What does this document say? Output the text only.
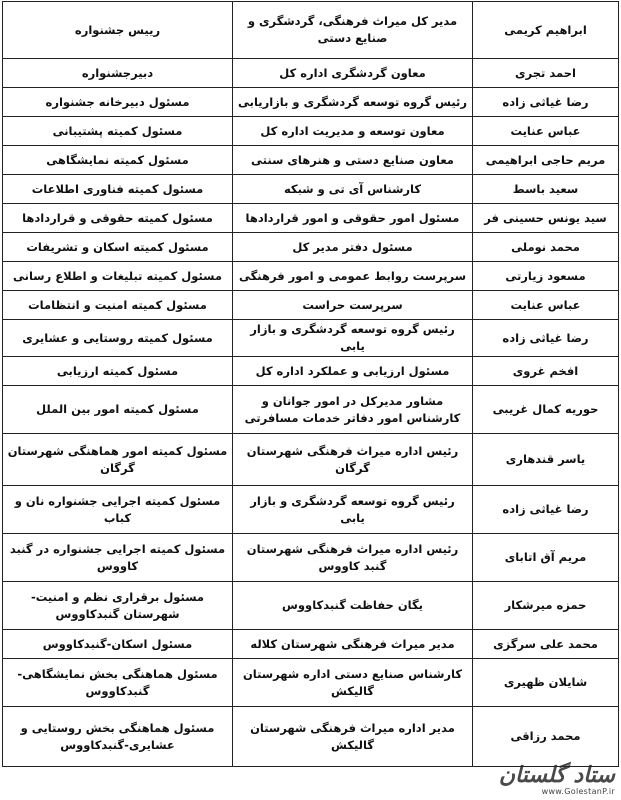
ابراهیم کریمی	مدیر کل میراث فرهنگی، گردشگری و صنایع دستی	رییس جشنواره
احمد تجری	معاون گردشگری اداره کل	دبیرجشنواره
رضا غیاثی زاده	رئیس گروه توسعه گردشگری و بازاریابی	مسئول دبیرخانه جشنواره
عباس عنایت	معاون توسعه و مدیریت اداره کل	مسئول کمیته پشتیبانی
مریم حاجی ابراهیمی	معاون صنایع دستی و هنرهای سنتی	مسئول کمیته نمایشگاهی
سعید باسط	کارشناس آی تی و شبکه	مسئول کمیته فناوری اطلاعات
سید یونس حسینی فر	مسئول امور حقوقی و امور قراردادها	مسئول کمیته حقوقی و قراردادها
محمد نوملی	مسئول دفتر مدیر کل	مسئول کمیته اسکان و تشریفات
مسعود زیارتی	سرپرست روابط عمومی و امور فرهنگی	مسئول کمیته تبلیغات و اطلاع رسانی
عباس عنایت	سرپرست حراست	مسئول کمیته امنیت و انتظامات
رضا غیاثی زاده	رئیس گروه توسعه گردشگری و بازار یابی	مسئول کمیته روستایی و عشایری
افخم غروی	مسئول ارزیابی و عملکرد اداره کل	مسئول کمیته ارزیابی
حوریه کمال غریبی	مشاور مدیرکل در امور جوانان و کارشناس امور دفاتر خدمات مسافرتی	مسئول کمیته امور بین الملل
یاسر قندهاری	رئیس اداره میراث فرهنگی شهرستان گرگان	مسئول کمیته امور هماهنگی شهرستان گرگان
رضا غیاثی زاده	رئیس گروه توسعه گردشگری و بازار یابی	مسئول کمیته اجرایی جشنواره نان و کباب
مریم آق اتابای	رئیس اداره میراث فرهنگی شهرستان گنبد کاووس	مسئول کمیته اجرایی جشنواره در گنبد کاووس
حمزه میرشکار	یگان حفاظت گنبدکاووس	مسئول برقراری نظم و امنیت-شهرستان گنبدکاووس
محمد علی سرگزی	مدیر میراث فرهنگی شهرستان کلاله	مسئول اسکان-گنبدکاووس
شایلان ظهیری	کارشناس صنایع دستی اداره شهرستان گالیکش	مسئول هماهنگی بخش نمایشگاهی-گنبدکاووس
محمد رزاقی	مدیر اداره میراث فرهنگی شهرستان گالیکش	مسئول هماهنگی بخش روستایی و عشایری-گنبدکاووس
ستاد گلستان
www.GolestanP.ir
